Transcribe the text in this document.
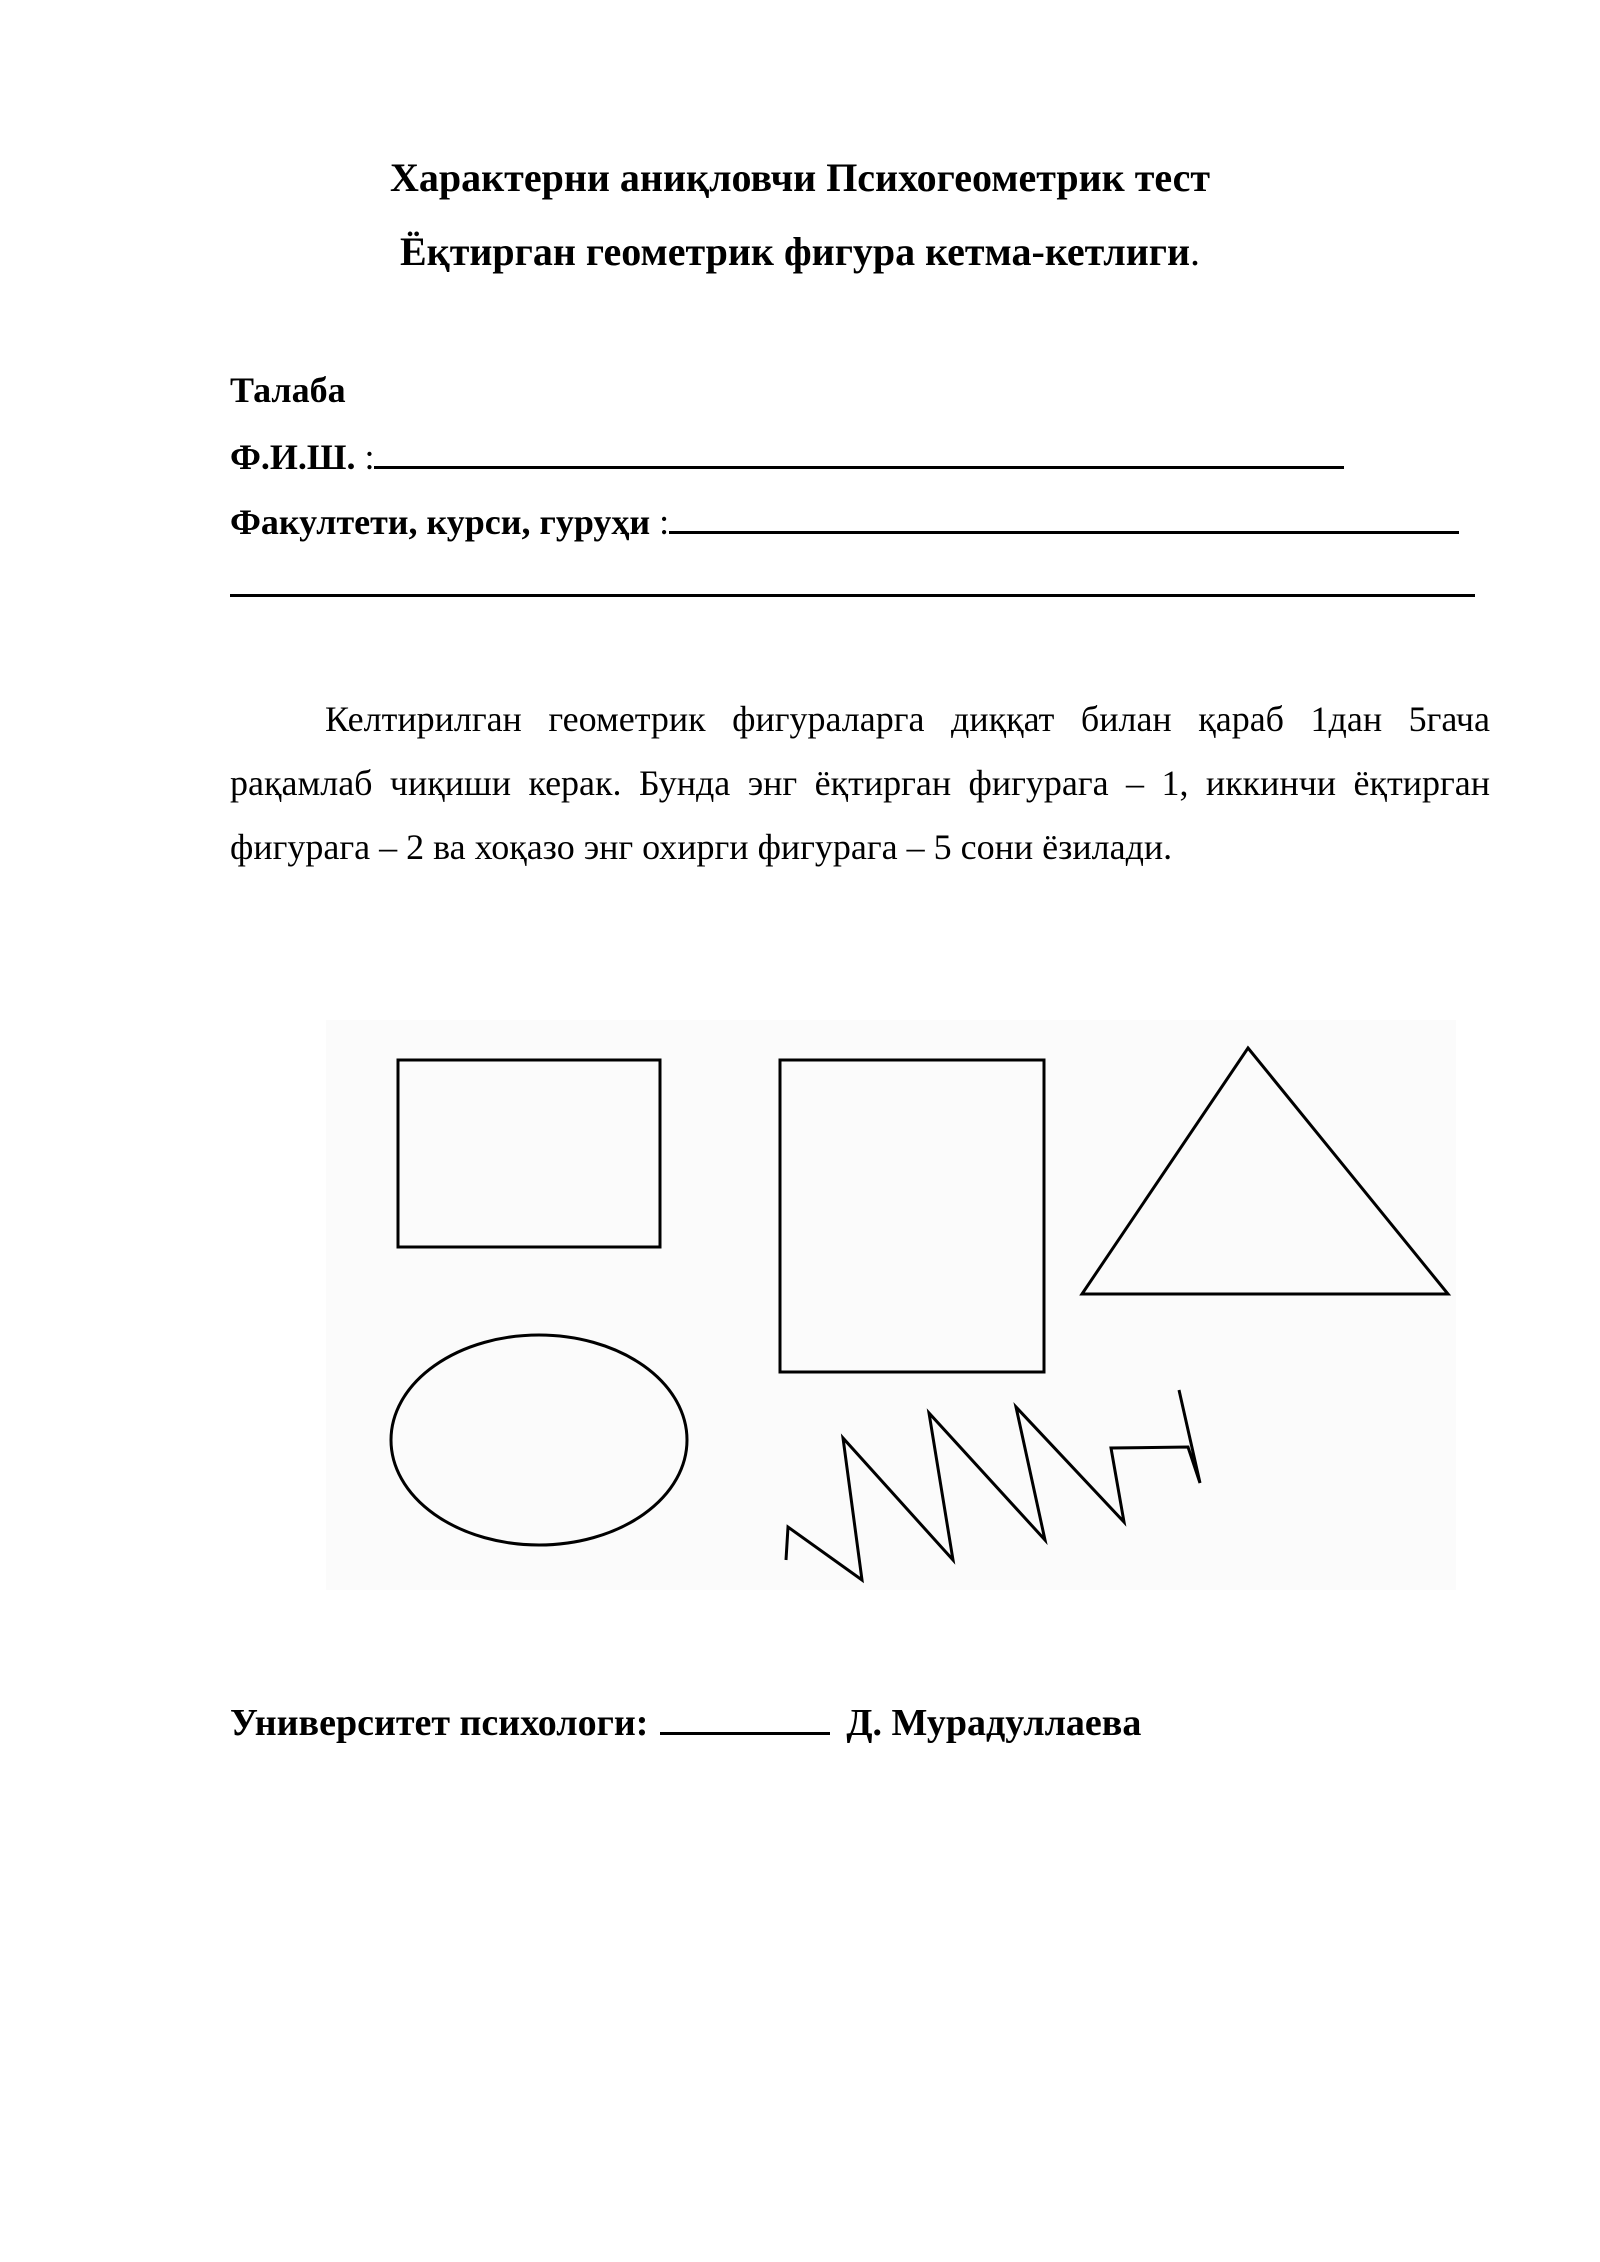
Характерни аниқловчи Психогеометрик тест
Ёқтирган геометрик фигура кетма-кетлиги.
Талаба
Ф.И.Ш. :
Факултети, курси, гуруҳи :

Келтирилган геометрик фигураларга диққат билан қараб 1дан 5гача рақамлаб чиқиши керак. Бунда энг ёқтирган фигурага – 1, иккинчи ёқтирган фигурага – 2 ва хоқазо энг охирги фигурага – 5 сони ёзилади.

Университет психологи:	Д. Мурадуллаева
